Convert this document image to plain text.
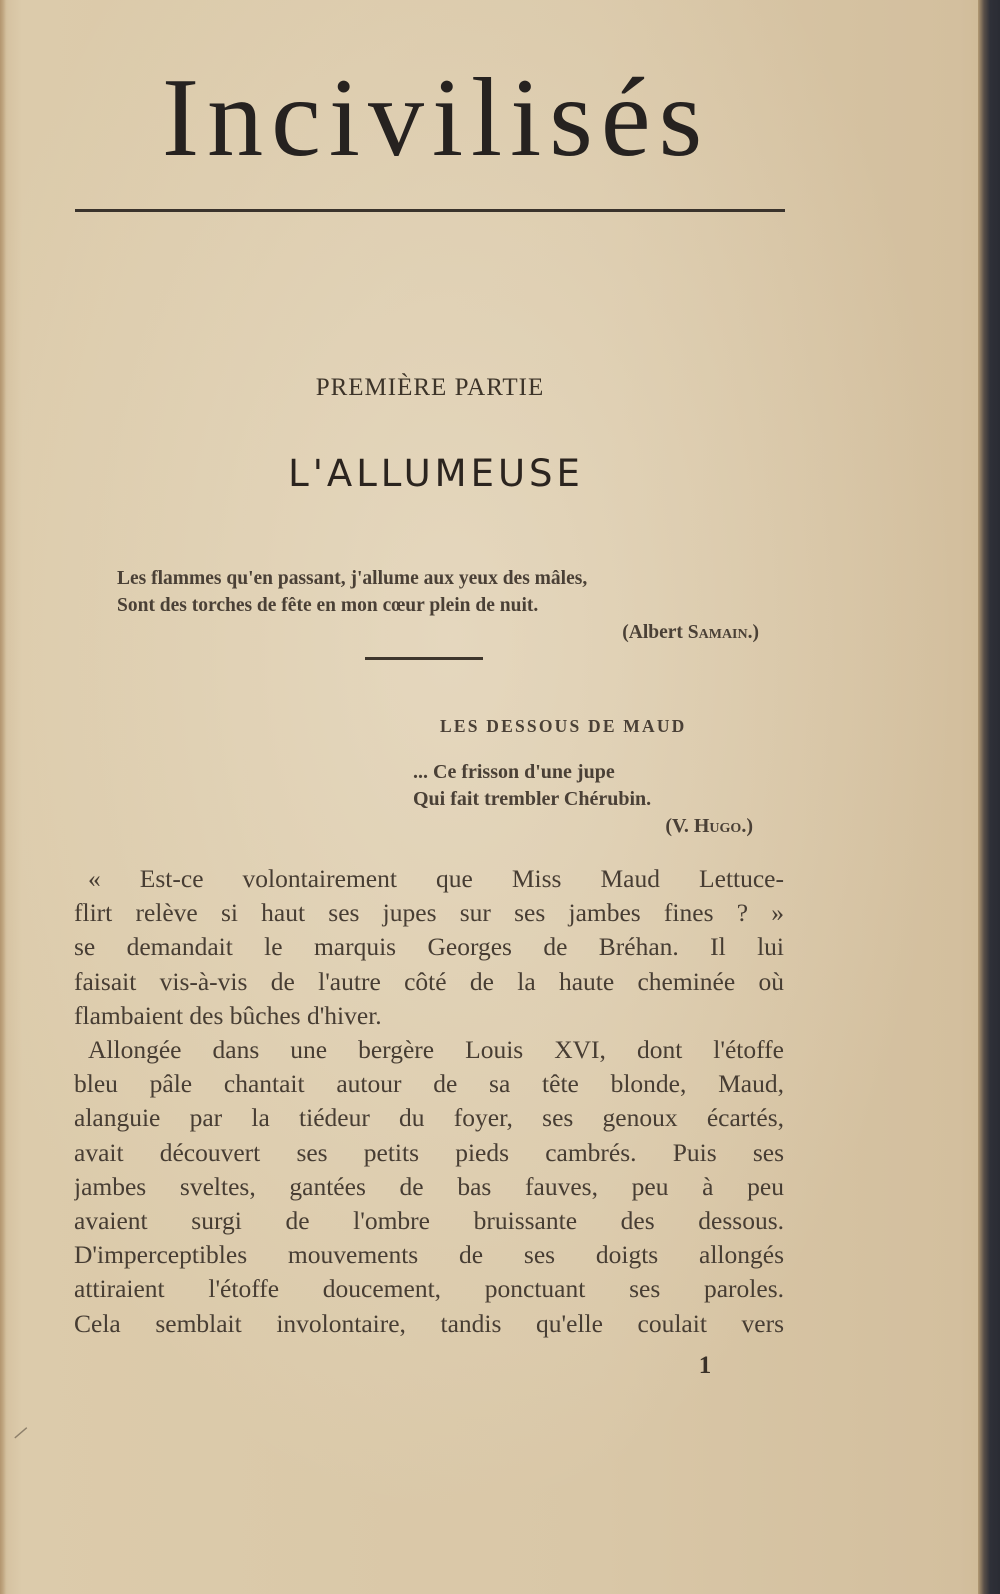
Incivilisés
PREMIÈRE PARTIE
L'ALLUMEUSE
Les flammes qu'en passant, j'allume aux yeux des mâles,
Sont des torches de fête en mon cœur plein de nuit.
(Albert Samain.)
LES DESSOUS DE MAUD
... Ce frisson d'une jupe
Qui fait trembler Chérubin.
(V. Hugo.)
« Est-ce volontairement que Miss Maud Lettuce-
flirt relève si haut ses jupes sur ses jambes fines ? »
se demandait le marquis Georges de Bréhan. Il lui
faisait vis-à-vis de l'autre côté de la haute cheminée où
flambaient des bûches d'hiver.
Allongée dans une bergère Louis XVI, dont l'étoffe
bleu pâle chantait autour de sa tête blonde, Maud,
alanguie par la tiédeur du foyer, ses genoux écartés,
avait découvert ses petits pieds cambrés. Puis ses
jambes sveltes, gantées de bas fauves, peu à peu
avaient surgi de l'ombre bruissante des dessous.
D'imperceptibles mouvements de ses doigts allongés
attiraient l'étoffe doucement, ponctuant ses paroles.
Cela semblait involontaire, tandis qu'elle coulait vers
1
⸝
